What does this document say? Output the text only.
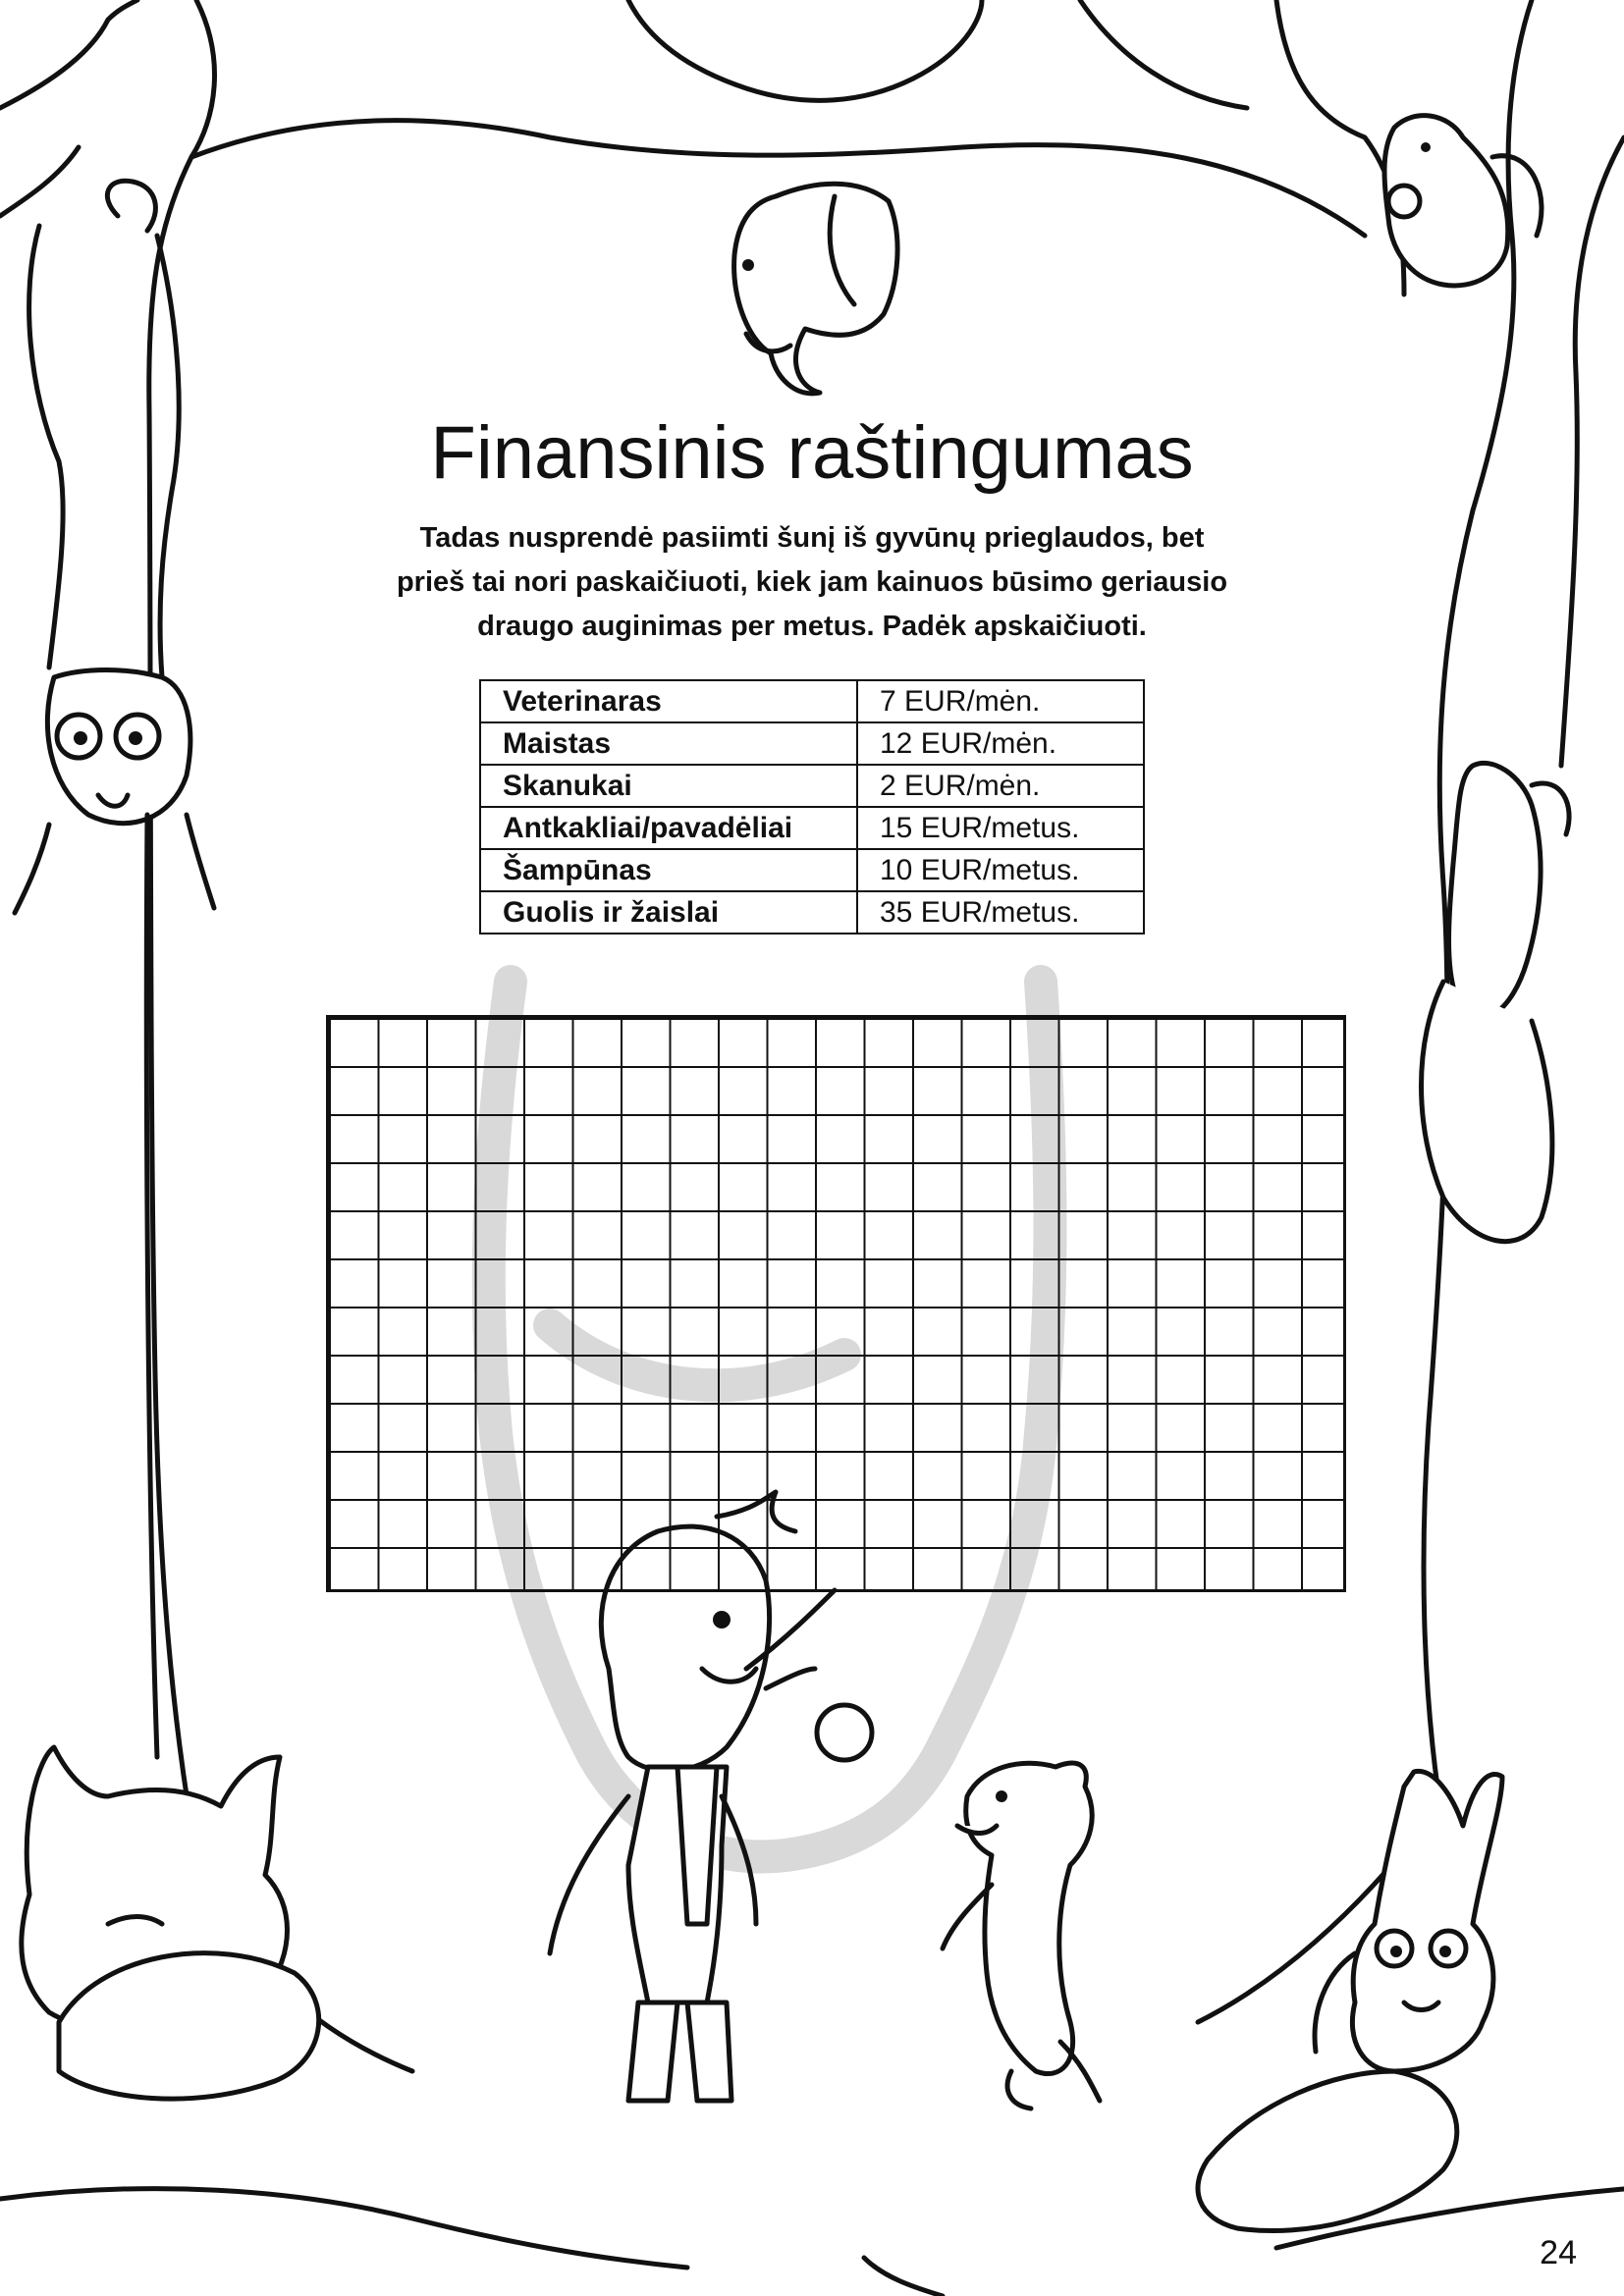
Finansinis raštingumas

Tadas nusprendė pasiimti šunį iš gyvūnų prieglaudos, bet
prieš tai nori paskaičiuoti, kiek jam kainuos būsimo geriausio
draugo auginimas per metus. Padėk apskaičiuoti.

Veterinaras	7 EUR/mėn.
Maistas	12 EUR/mėn.
Skanukai	2 EUR/mėn.
Antkakliai/pavadėliai	15 EUR/metus.
Šampūnas	10 EUR/metus.
Guolis ir žaislai	35 EUR/metus.

24
